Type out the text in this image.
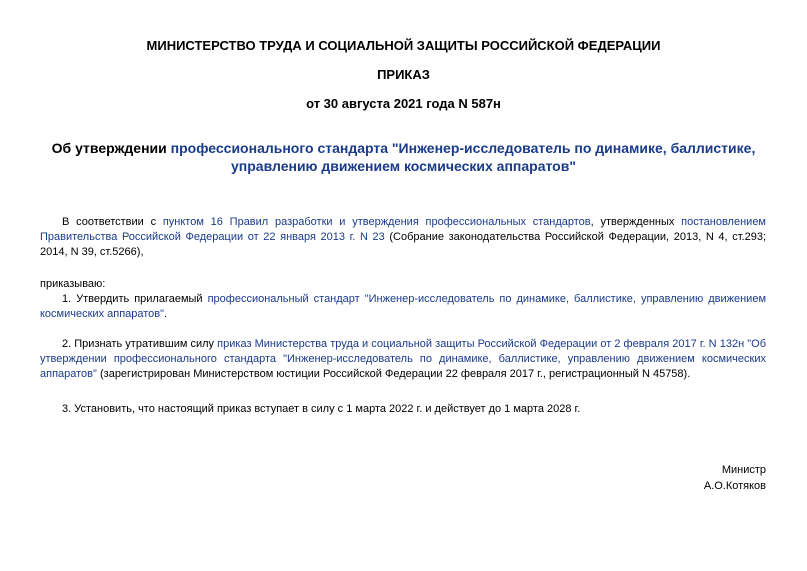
МИНИСТЕРСТВО ТРУДА И СОЦИАЛЬНОЙ ЗАЩИТЫ РОССИЙСКОЙ ФЕДЕРАЦИИ
ПРИКАЗ
от 30 августа 2021 года N 587н
Об утверждении профессионального стандарта "Инженер-исследователь по динамике, баллистике, управлению движением космических аппаратов"
В соответствии с пунктом 16 Правил разработки и утверждения профессиональных стандартов, утвержденных постановлением Правительства Российской Федерации от 22 января 2013 г. N 23 (Собрание законодательства Российской Федерации, 2013, N 4, ст.293; 2014, N 39, ст.5266),
приказываю:
1. Утвердить прилагаемый профессиональный стандарт "Инженер-исследователь по динамике, баллистике, управлению движением космических аппаратов".
2. Признать утратившим силу приказ Министерства труда и социальной защиты Российской Федерации от 2 февраля 2017 г. N 132н "Об утверждении профессионального стандарта "Инженер-исследователь по динамике, баллистике, управлению движением космических аппаратов" (зарегистрирован Министерством юстиции Российской Федерации 22 февраля 2017 г., регистрационный N 45758).
3. Установить, что настоящий приказ вступает в силу с 1 марта 2022 г. и действует до 1 марта 2028 г.
Министр
А.О.Котяков
